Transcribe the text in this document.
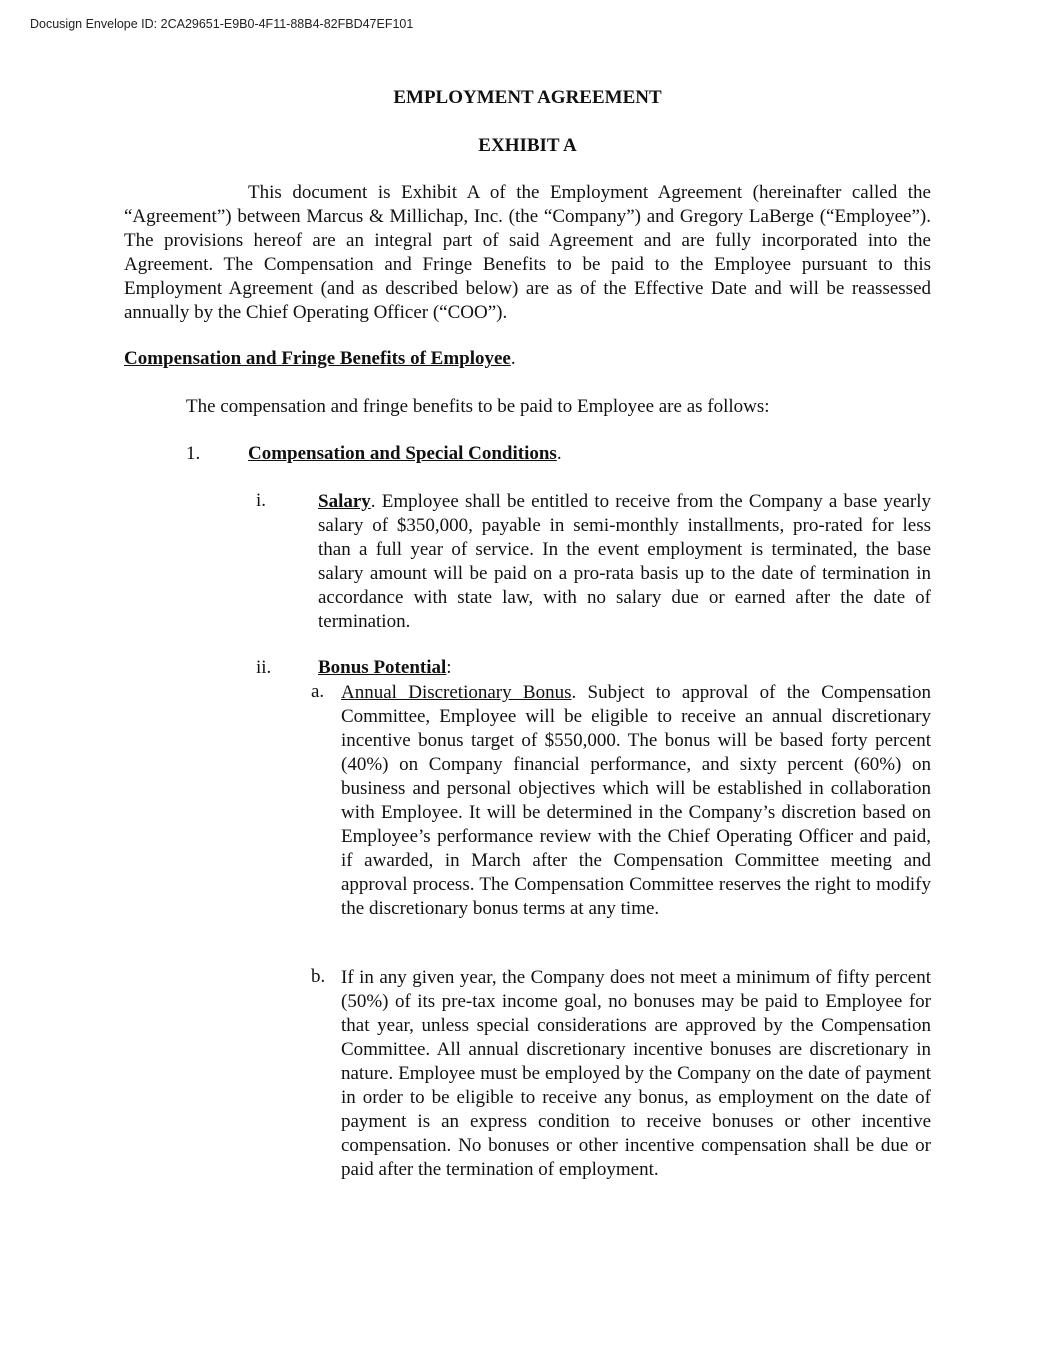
Docusign Envelope ID: 2CA29651-E9B0-4F11-88B4-82FBD47EF101
EMPLOYMENT AGREEMENT
EXHIBIT A
This document is Exhibit A of the Employment Agreement (hereinafter called the “Agreement”) between Marcus & Millichap, Inc. (the “Company”) and Gregory LaBerge (“Employee”). The provisions hereof are an integral part of said Agreement and are fully incorporated into the Agreement. The Compensation and Fringe Benefits to be paid to the Employee pursuant to this Employment Agreement (and as described below) are as of the Effective Date and will be reassessed annually by the Chief Operating Officer (“COO”).
Compensation and Fringe Benefits of Employee.
The compensation and fringe benefits to be paid to Employee are as follows:
1.	Compensation and Special Conditions.
i.	Salary. Employee shall be entitled to receive from the Company a base yearly salary of $350,000, payable in semi-monthly installments, pro-rated for less than a full year of service. In the event employment is terminated, the base salary amount will be paid on a pro-rata basis up to the date of termination in accordance with state law, with no salary due or earned after the date of termination.
ii. Bonus Potential:
a. Annual Discretionary Bonus. Subject to approval of the Compensation Committee, Employee will be eligible to receive an annual discretionary incentive bonus target of $550,000. The bonus will be based forty percent (40%) on Company financial performance, and sixty percent (60%) on business and personal objectives which will be established in collaboration with Employee. It will be determined in the Company’s discretion based on Employee’s performance review with the Chief Operating Officer and paid, if awarded, in March after the Compensation Committee meeting and approval process. The Compensation Committee reserves the right to modify the discretionary bonus terms at any time.
b. If in any given year, the Company does not meet a minimum of fifty percent (50%) of its pre-tax income goal, no bonuses may be paid to Employee for that year, unless special considerations are approved by the Compensation Committee. All annual discretionary incentive bonuses are discretionary in nature. Employee must be employed by the Company on the date of payment in order to be eligible to receive any bonus, as employment on the date of payment is an express condition to receive bonuses or other incentive compensation. No bonuses or other incentive compensation shall be due or paid after the termination of employment.
